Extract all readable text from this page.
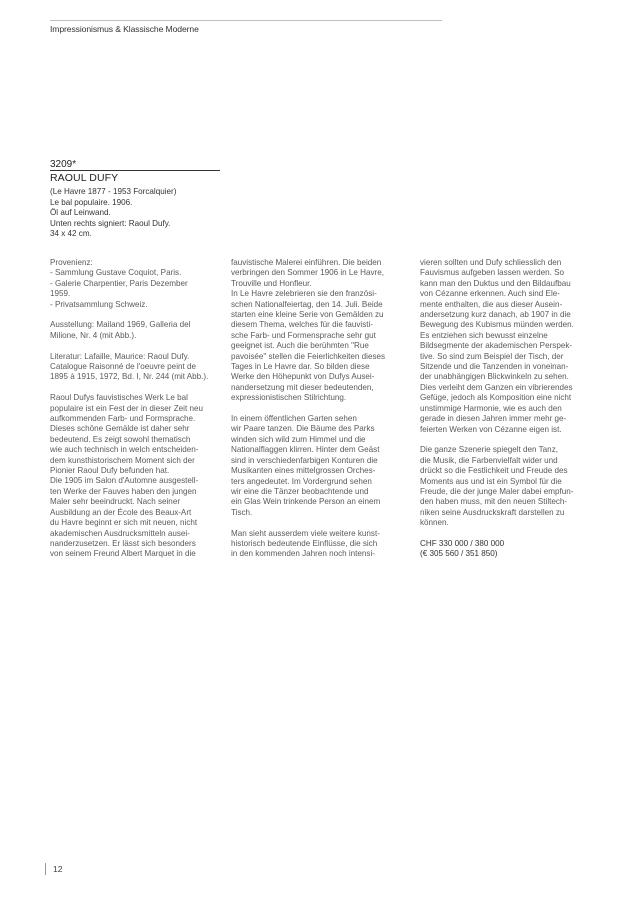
Impressionismus & Klassische Moderne
3209*
RAOUL DUFY
(Le Havre 1877 - 1953 Forcalquier)
Le bal populaire. 1906.
Öl auf Leinwand.
Unten rechts signiert: Raoul Dufy.
34 x 42 cm.
Provenienz:
- Sammlung Gustave Coquiot, Paris.
- Galerie Charpentier, Paris Dezember
1959.
- Privatsammlung Schweiz.
Ausstellung: Mailand 1969, Galleria del
Milione, Nr. 4 (mit Abb.).
Literatur: Lafaille, Maurice: Raoul Dufy.
Catalogue Raisonné de l'oeuvre peint de
1895 à 1915, 1972, Bd. I, Nr. 244 (mit Abb.).
Raoul Dufys fauvistisches Werk Le bal
populaire ist ein Fest der in dieser Zeit neu
aufkommenden Farb- und Formsprache.
Dieses schöne Gemälde ist daher sehr
bedeutend. Es zeigt sowohl thematisch
wie auch technisch in welch entscheiden-
dem kunsthistorischem Moment sich der
Pionier Raoul Dufy befunden hat.
Die 1905 im Salon d'Automne ausgestell-
ten Werke der Fauves haben den jungen
Maler sehr beeindruckt. Nach seiner
Ausbildung an der École des Beaux-Art
du Havre beginnt er sich mit neuen, nicht
akademischen Ausdrucksmitteln ausei-
nanderzusetzen. Er lässt sich besonders
von seinem Freund Albert Marquet in die
fauvistische Malerei einführen. Die beiden
verbringen den Sommer 1906 in Le Havre,
Trouville und Honfleur.
In Le Havre zelebrieren sie den französi-
schen Nationalfeiertag, den 14. Juli. Beide
starten eine kleine Serie von Gemälden zu
diesem Thema, welches für die fauvisti-
sche Farb- und Formensprache sehr gut
geeignet ist. Auch die berühmten "Rue
pavoisée" stellen die Feierlichkeiten dieses
Tages in Le Havre dar. So bilden diese
Werke den Höhepunkt von Dufys Ausei-
nandersetzung mit dieser bedeutenden,
expressionistischen Stilrichtung.
In einem öffentlichen Garten sehen
wir Paare tanzen. Die Bäume des Parks
winden sich wild zum Himmel und die
Nationalflaggen klirren. Hinter dem Geäst
sind in verschiedenfarbigen Konturen die
Musikanten eines mittelgrossen Orches-
ters angedeutet. Im Vordergrund sehen
wir eine die Tänzer beobachtende und
ein Glas Wein trinkende Person an einem
Tisch.
Man sieht ausserdem viele weitere kunst-
historisch bedeutende Einflüsse, die sich
in den kommenden Jahren noch intensi-
vieren sollten und Dufy schliesslich den
Fauvismus aufgeben lassen werden. So
kann man den Duktus und den Bildaufbau
von Cézanne erkennen. Auch sind Ele-
mente enthalten, die aus dieser Ausein-
andersetzung kurz danach, ab 1907 in die
Bewegung des Kubismus münden werden.
Es entziehen sich bewusst einzelne
Bildsegmente der akademischen Perspek-
tive. So sind zum Beispiel der Tisch, der
Sitzende und die Tanzenden in voneinan-
der unabhängigen Blickwinkeln zu sehen.
Dies verleiht dem Ganzen ein vibrierendes
Gefüge, jedoch als Komposition eine nicht
unstimmige Harmonie, wie es auch den
gerade in diesen Jahren immer mehr ge-
feierten Werken von Cézanne eigen ist.
Die ganze Szenerie spiegelt den Tanz,
die Musik, die Farbenvielfalt wider und
drückt so die Festlichkeit und Freude des
Moments aus und ist ein Symbol für die
Freude, die der junge Maler dabei empfun-
den haben muss, mit den neuen Stiltech-
niken seine Ausdruckskraft darstellen zu
können.
CHF 330 000 / 380 000
(€ 305 560 / 351 850)
12
